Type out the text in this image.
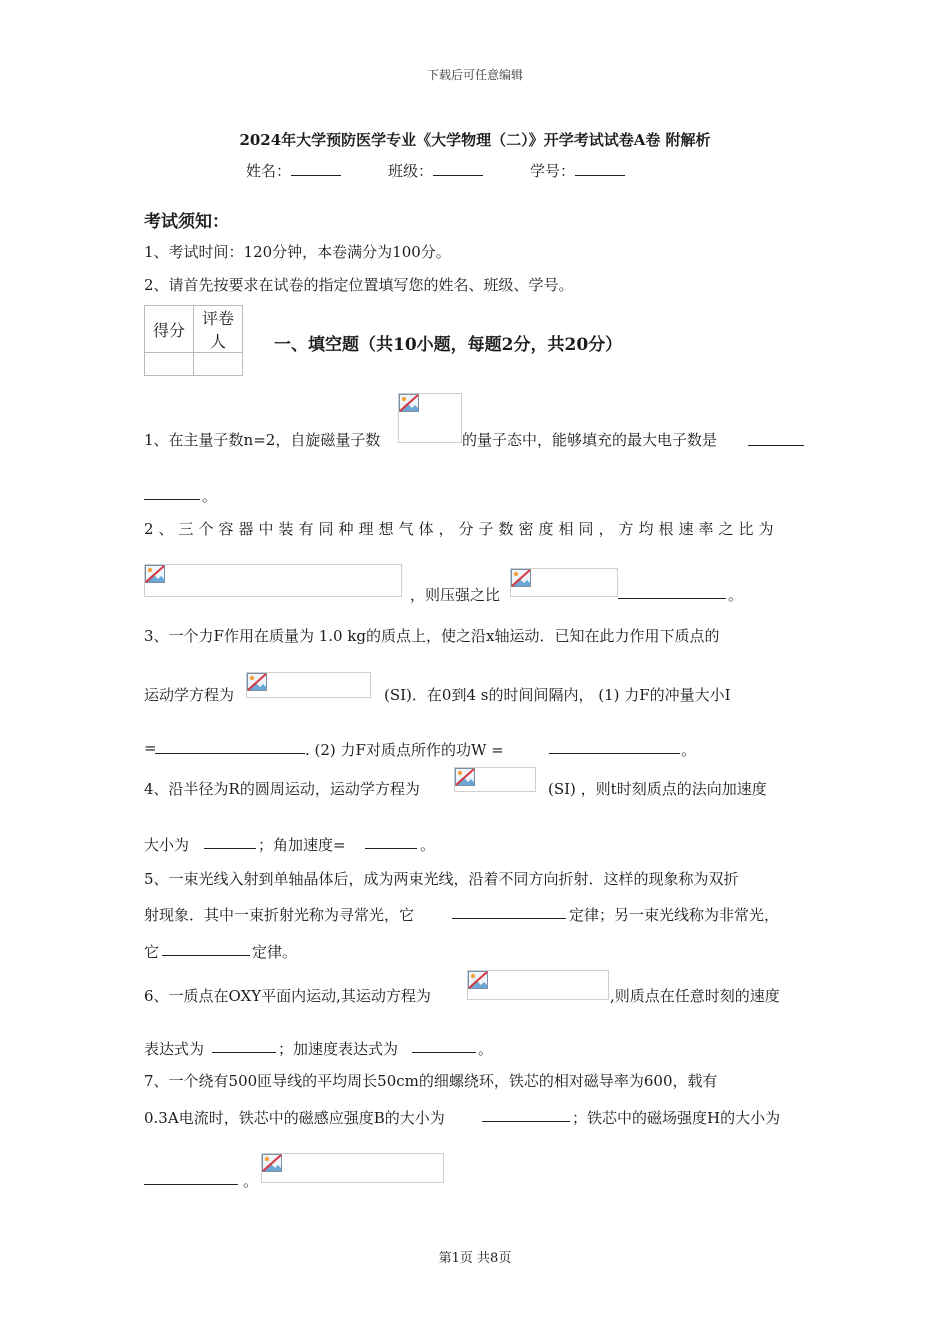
下载后可任意编辑
2024年大学预防医学专业《大学物理（二）》开学考试试卷A卷 附解析
姓名：	班级：	学号：
考试须知：
1、考试时间：120分钟，本卷满分为100分。
2、请首先按要求在试卷的指定位置填写您的姓名、班级、学号。
得分	评卷人
		一、填空题（共10小题，每题2分，共20分）
1、在主量子数n=2，自旋磁量子数	的量子态中，能够填充的最大电子数是
。
2、三个容器中装有同种理想气体，分子数密度相同，方均根速率之比为
，则压强之比	。
3、一个力F作用在质量为 1.0 kg的质点上，使之沿x轴运动．已知在此力作用下质点的
运动学方程为	(SI)．在0到4 s的时间间隔内， (1) 力F的冲量大小I
=	. (2) 力F对质点所作的功W =	。
4、沿半径为R的圆周运动，运动学方程为	(SI) ，则t时刻质点的法向加速度
大小为	；角加速度=	。
5、一束光线入射到单轴晶体后，成为两束光线，沿着不同方向折射．这样的现象称为双折
射现象．其中一束折射光称为寻常光，它	定律；另一束光线称为非常光，
它	定律。
6、一质点在OXY平面内运动,其运动方程为	,则质点在任意时刻的速度
表达式为	；加速度表达式为	。
7、一个绕有500匝导线的平均周长50cm的细螺绕环，铁芯的相对磁导率为600，载有
0.3A电流时，铁芯中的磁感应强度B的大小为	；铁芯中的磁场强度H的大小为
。
第1页 共8页
